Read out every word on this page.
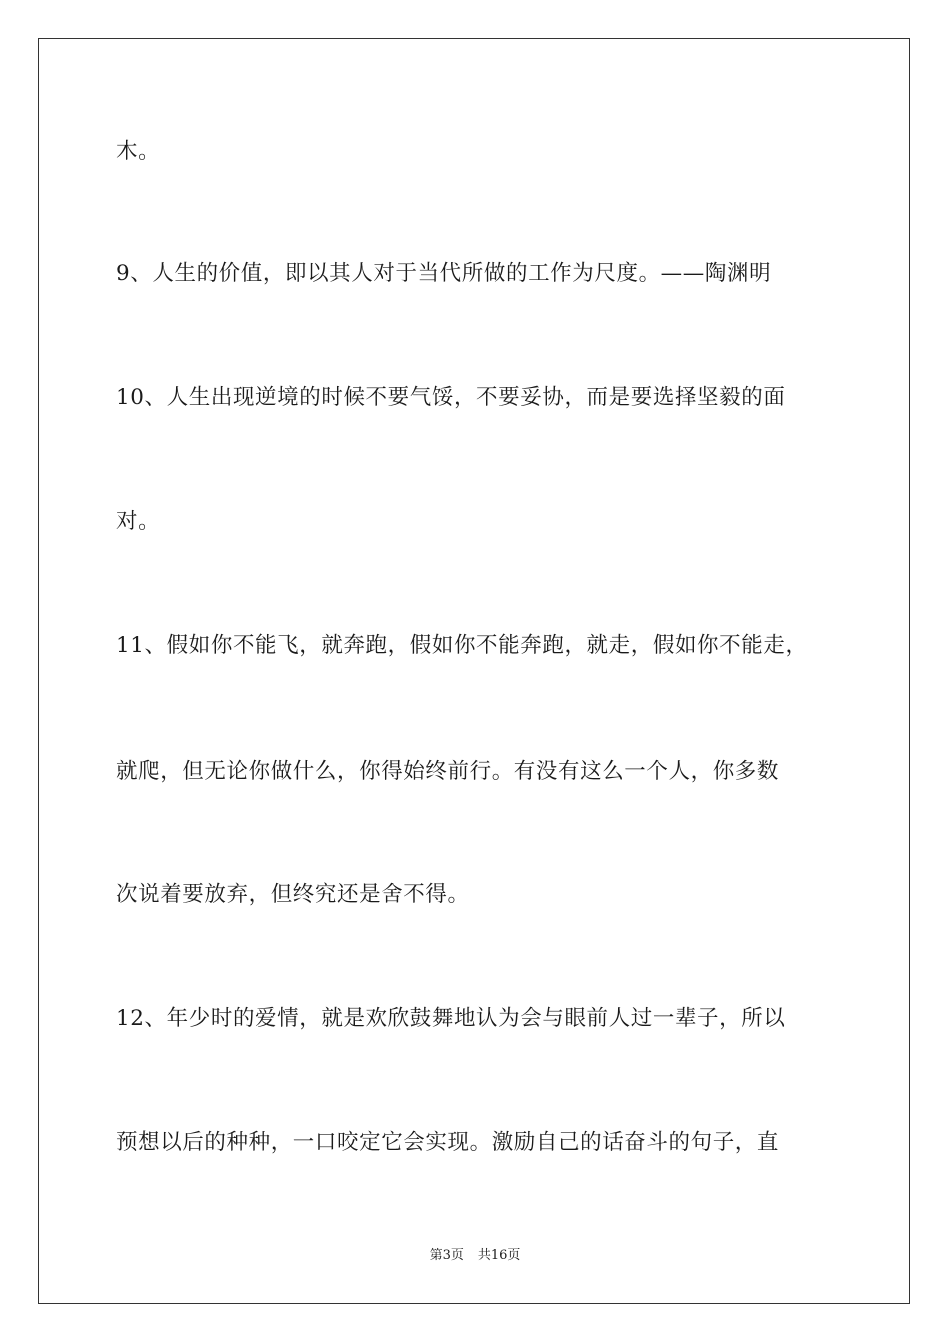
木。
9、人生的价值，即以其人对于当代所做的工作为尺度。——陶渊明
10、人生出现逆境的时候不要气馁，不要妥协，而是要选择坚毅的面
对。
11、假如你不能飞，就奔跑，假如你不能奔跑，就走，假如你不能走，
就爬，但无论你做什么，你得始终前行。有没有这么一个人，你多数
次说着要放弃，但终究还是舍不得。
12、年少时的爱情，就是欢欣鼓舞地认为会与眼前人过一辈子，所以
预想以后的种种，一口咬定它会实现。激励自己的话奋斗的句子，直
第3页 共16页
